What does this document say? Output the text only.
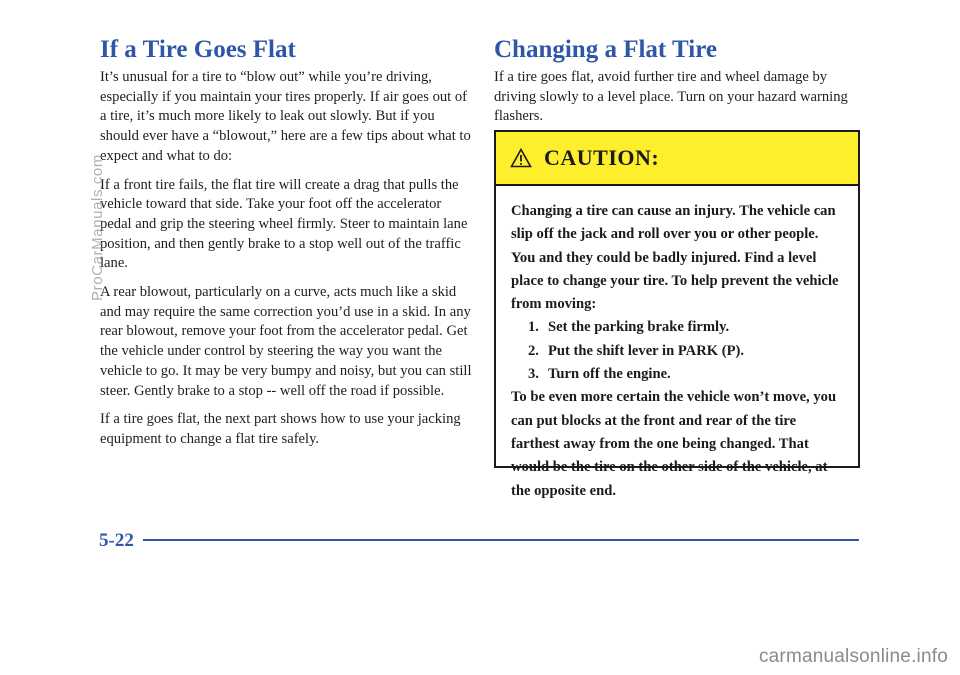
If a Tire Goes Flat

It’s unusual for a tire to “blow out” while you’re driving, especially if you maintain your tires properly. If air goes out of a tire, it’s much more likely to leak out slowly. But if you should ever have a “blowout,” here are a few tips about what to expect and what to do:

If a front tire fails, the flat tire will create a drag that pulls the vehicle toward that side. Take your foot off the accelerator pedal and grip the steering wheel firmly. Steer to maintain lane position, and then gently brake to a stop well out of the traffic lane.

A rear blowout, particularly on a curve, acts much like a skid and may require the same correction you’d use in a skid. In any rear blowout, remove your foot from the accelerator pedal. Get the vehicle under control by steering the way you want the vehicle to go. It may be very bumpy and noisy, but you can still steer. Gently brake to a stop -- well off the road if possible.

If a tire goes flat, the next part shows how to use your jacking equipment to change a flat tire safely.

ProCarManuals.com
Changing a Flat Tire

If a tire goes flat, avoid further tire and wheel damage by driving slowly to a level place. Turn on your hazard warning flashers.

CAUTION:

Changing a tire can cause an injury. The vehicle can slip off the jack and roll over you or other people. You and they could be badly injured. Find a level place to change your tire. To help prevent the vehicle from moving:

1. Set the parking brake firmly.
2. Put the shift lever in PARK (P).
3. Turn off the engine.

To be even more certain the vehicle won’t move, you can put blocks at the front and rear of the tire farthest away from the one being changed. That would be the tire on the other side of the vehicle, at the opposite end.

5-22
carmanualsonline.info
